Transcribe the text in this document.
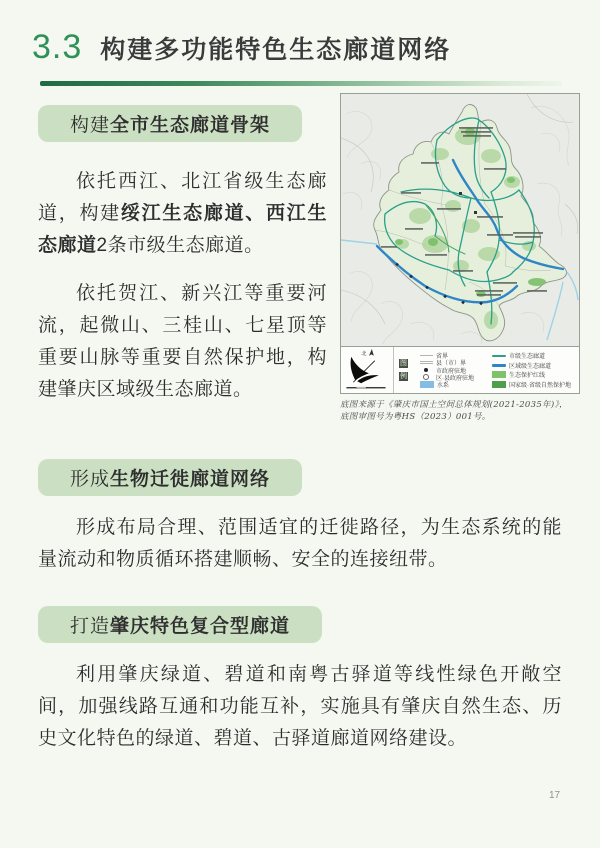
3.3 构建多功能特色生态廊道网络
构建全市生态廊道骨架

依托西江、北江省级生态廊道，构建绥江生态廊道、西江生态廊道2条市级生态廊道。

依托贺江、新兴江等重要河流，起微山、三桂山、七星顶等重要山脉等重要自然保护地，构建肇庆区域级生态廊道。

北
图
例
省界
县（市）界
市政府驻地
区·县政府驻地
水系
市级生态廊道
区域级生态廊道
生态保护红线
国家级·省级自然保护地
底图来源于《肇庆市国土空间总体规划(2021-2035年)》，
底图审图号为粤HS（2023）001号。
形成生物迁徙廊道网络

形成布局合理、范围适宜的迁徙路径，为生态系统的能量流动和物质循环搭建顺畅、安全的连接纽带。

打造肇庆特色复合型廊道

利用肇庆绿道、碧道和南粤古驿道等线性绿色开敞空间，加强线路互通和功能互补，实施具有肇庆自然生态、历史文化特色的绿道、碧道、古驿道廊道网络建设。

17
